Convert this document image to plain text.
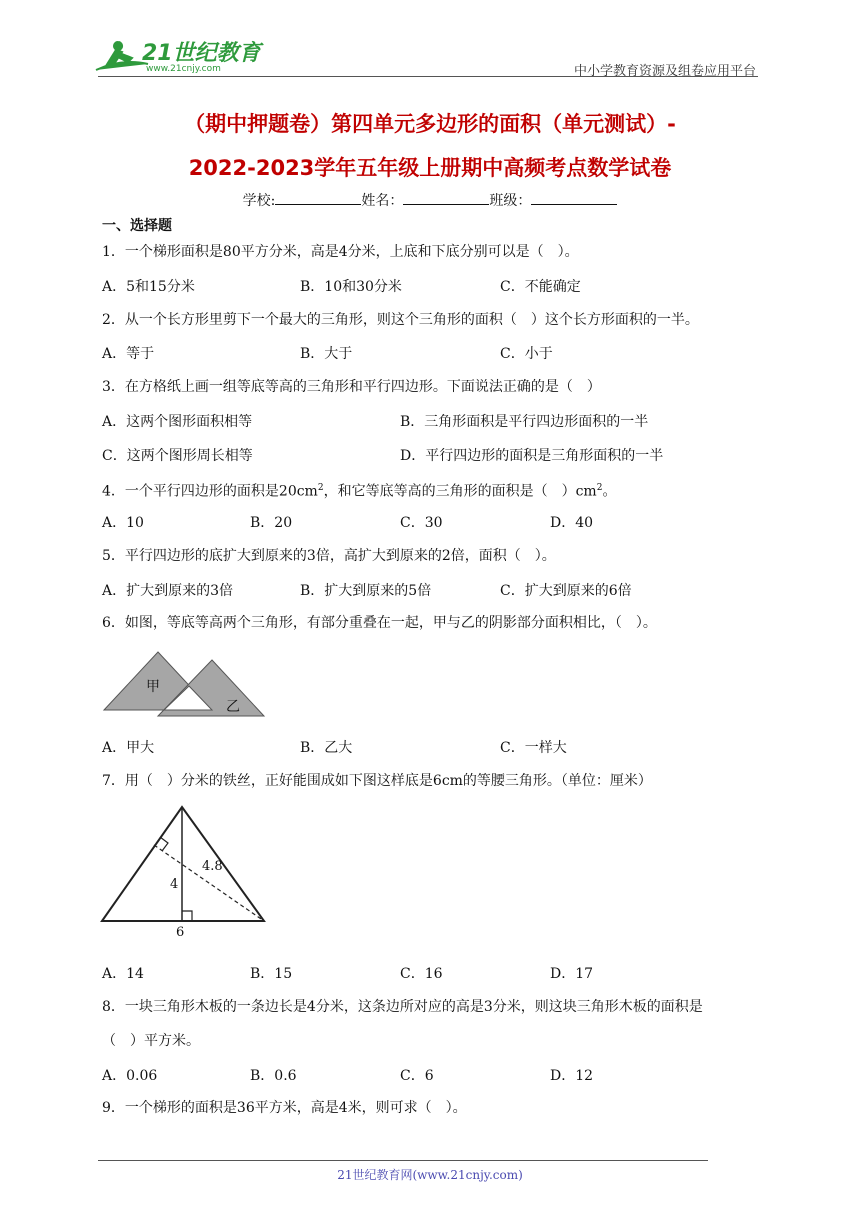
21世纪教育
www.21cnjy.com	中小学教育资源及组卷应用平台
（期中押题卷）第四单元多边形的面积（单元测试）-
2022-2023学年五年级上册期中高频考点数学试卷
学校:	姓名：	班级：
一、选择题
1．一个梯形面积是80平方分米，高是4分米，上底和下底分别可以是（　）。
A．5和15分米	B．10和30分米	C．不能确定
2．从一个长方形里剪下一个最大的三角形，则这个三角形的面积（　）这个长方形面积的一半。
A．等于	B．大于	C．小于
3．在方格纸上画一组等底等高的三角形和平行四边形。下面说法正确的是（　）
A．这两个图形面积相等	B．三角形面积是平行四边形面积的一半
C．这两个图形周长相等	D．平行四边形的面积是三角形面积的一半
4．一个平行四边形的面积是$20cm^2$，和它等底等高的三角形的面积是（　）$cm^2$。
A．10	B．20	C．30	D．40
5．平行四边形的底扩大到原来的3倍，高扩大到原来的2倍，面积（　）。
A．扩大到原来的3倍	B．扩大到原来的5倍	C．扩大到原来的6倍
6．如图，等底等高两个三角形，有部分重叠在一起，甲与乙的阴影部分面积相比，（　）。
甲
乙
A．甲大	B．乙大	C．一样大
7．用（　）分米的铁丝，正好能围成如下图这样底是6cm的等腰三角形。（单位：厘米）
4.8
4
6
A．14	B．15	C．16	D．17
8．一块三角形木板的一条边长是4分米，这条边所对应的高是3分米，则这块三角形木板的面积是
（　）平方米。
A．0.06	B．0.6	C．6	D．12
9．一个梯形的面积是36平方米，高是4米，则可求（　）。
21世纪教育网(www.21cnjy.com)
